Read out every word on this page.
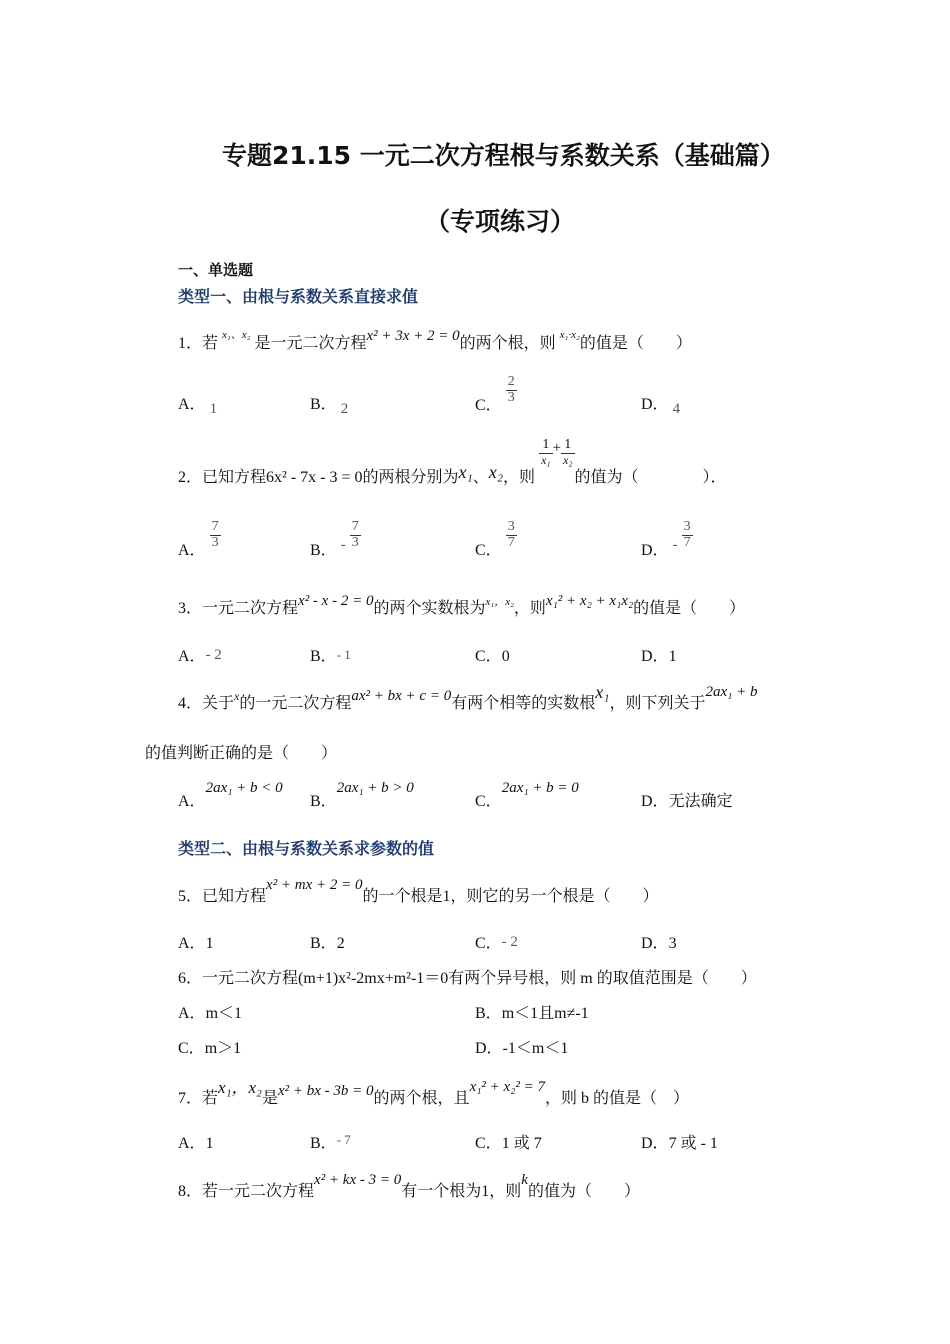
专题21.15 一元二次方程根与系数关系（基础篇）
（专项练习）
一、单选题
类型一、由根与系数关系直接求值
1．若 $^{x_1、x_2}$ 是一元二次方程x² + 3x + 2 = 0的两个根，则 $^{x_1\cdot x_2}$的值是（　　）
A． 1	B． 2	C． $\frac{2}{3}$	D． 4
2．已知方程6x² - 7x - 3 = 0的两根分别为x₁、x₂，则
$\frac{1}{\text{x₁}} + \frac{1}{\text{x₂}}$
的值为（　　　　）．
A． $\frac{7}{3}$	B． - $\frac{7}{3}$	C． $\frac{3}{7}$	D． - $\frac{3}{7}$
3．一元二次方程x² - x - 2 = 0的两个实数根为$^{x_1,x_2}$，则x₁² + x₂ + x₁x₂的值是（　　）
A．- 2	B．- 1	C．0	D．1
4．关于$^x$的一元二次方程ax² + bx + c = 0有两个相等的实数根x₁，则下列关于2ax₁ + b
的值判断正确的是（　　）
A．2ax₁ + b < 0
B．2ax₁ + b > 0
C．2ax₁ + b = 0
D．无法确定
类型二、由根与系数关系求参数的值
5．已知方程x² + mx + 2 = 0的一个根是1，则它的另一个根是（　　）
A．1	B．2	C．- 2	D．3
6．一元二次方程(m+1)x²-2mx+m²-1＝0有两个异号根，则 m 的取值范围是（　　）
A．m＜1	B．m＜1且m≠-1
C．m＞1	D．-1＜m＜1
7．若x₁，x₂是x² + bx - 3b = 0的两个根，且x₁² + x₂² = 7，则 b 的值是（　）
A．1	B．$^{- 7}$	C．1 或 7	D．7 或 - 1
8．若一元二次方程x² + kx - 3 = 0有一个根为1，则k的值为（　　）
